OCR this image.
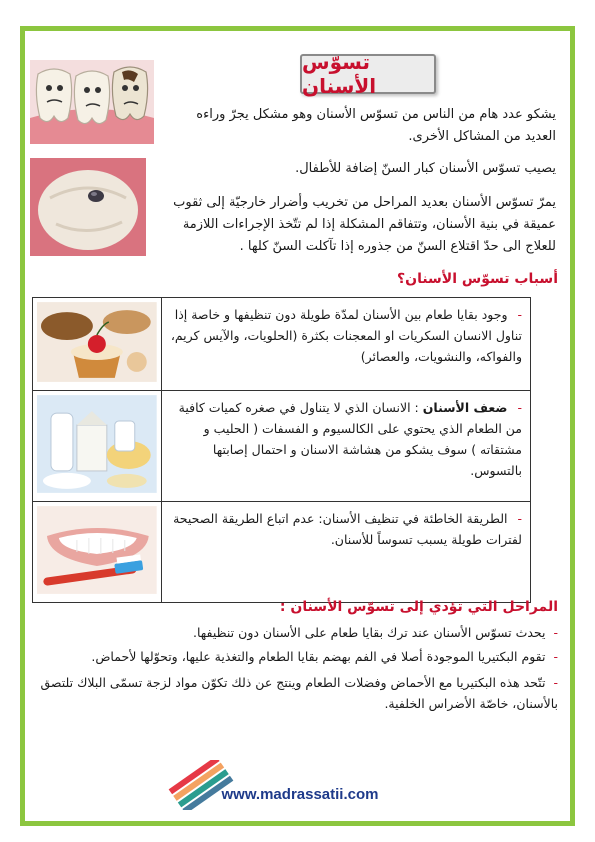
تسوّس الأسنان

يشكو عدد هام من الناس من تسوّس الأسنان وهو مشكل يجرّ وراءه العديد من المشاكل الأخرى.

يصيب تسوّس الأسنان كبار السنّ إضافة للأطفال.

يمرّ تسوّس الأسنان بعديد المراحل من تخريب وأضرار خارجيّة إلى ثقوب عميقة في بنية الأسنان، وتتفاقم المشكلة إذا لم تتّخذ الإجراءات اللازمة للعلاج الى حدّ اقتلاع السنّ من جذوره إذا تآكلت السنّ كلها .

أسباب تسوّس الأسنان؟
	- وجود بقايا طعام بين الأسنان لمدّة طويلة دون تنظيفها و خاصة إذا تناول الانسان السكريات او المعجنات بكثرة (الحلويات، والآيس كريم، والفواكه، والنشويات، والعصائر)
	- ضعف الأسنان : الانسان الذي لا يتناول في صغره كميات كافية من الطعام الذي يحتوي على الكالسيوم و الفسفات ( الحليب و مشتقاته ) سوف يشكو من هشاشة الاسنان و احتمال إصابتها بالتسوس.
	- الطريقة الخاطئة في تنظيف الأسنان: عدم اتباع الطريقة الصحيحة لفترات طويلة يسبب تسوساً للأسنان.
المراحل التي تؤدي إلى تسوّس الأسنان :

-يحدث تسوّس الأسنان عند ترك بقايا طعام على الأسنان دون تنظيفها.

-تقوم البكتيريا الموجودة أصلا في الفم بهضم بقايا الطعام والتغذية عليها، وتحوّلها لأحماض.

-تتّحد هذه البكتيريا مع الأحماض وفضلات الطعام وينتج عن ذلك تكوّن مواد لزجة تسمّى البلاك تلتصق بالأسنان، خاصّة الأضراس الخلفية.

www.madrassatii.com
